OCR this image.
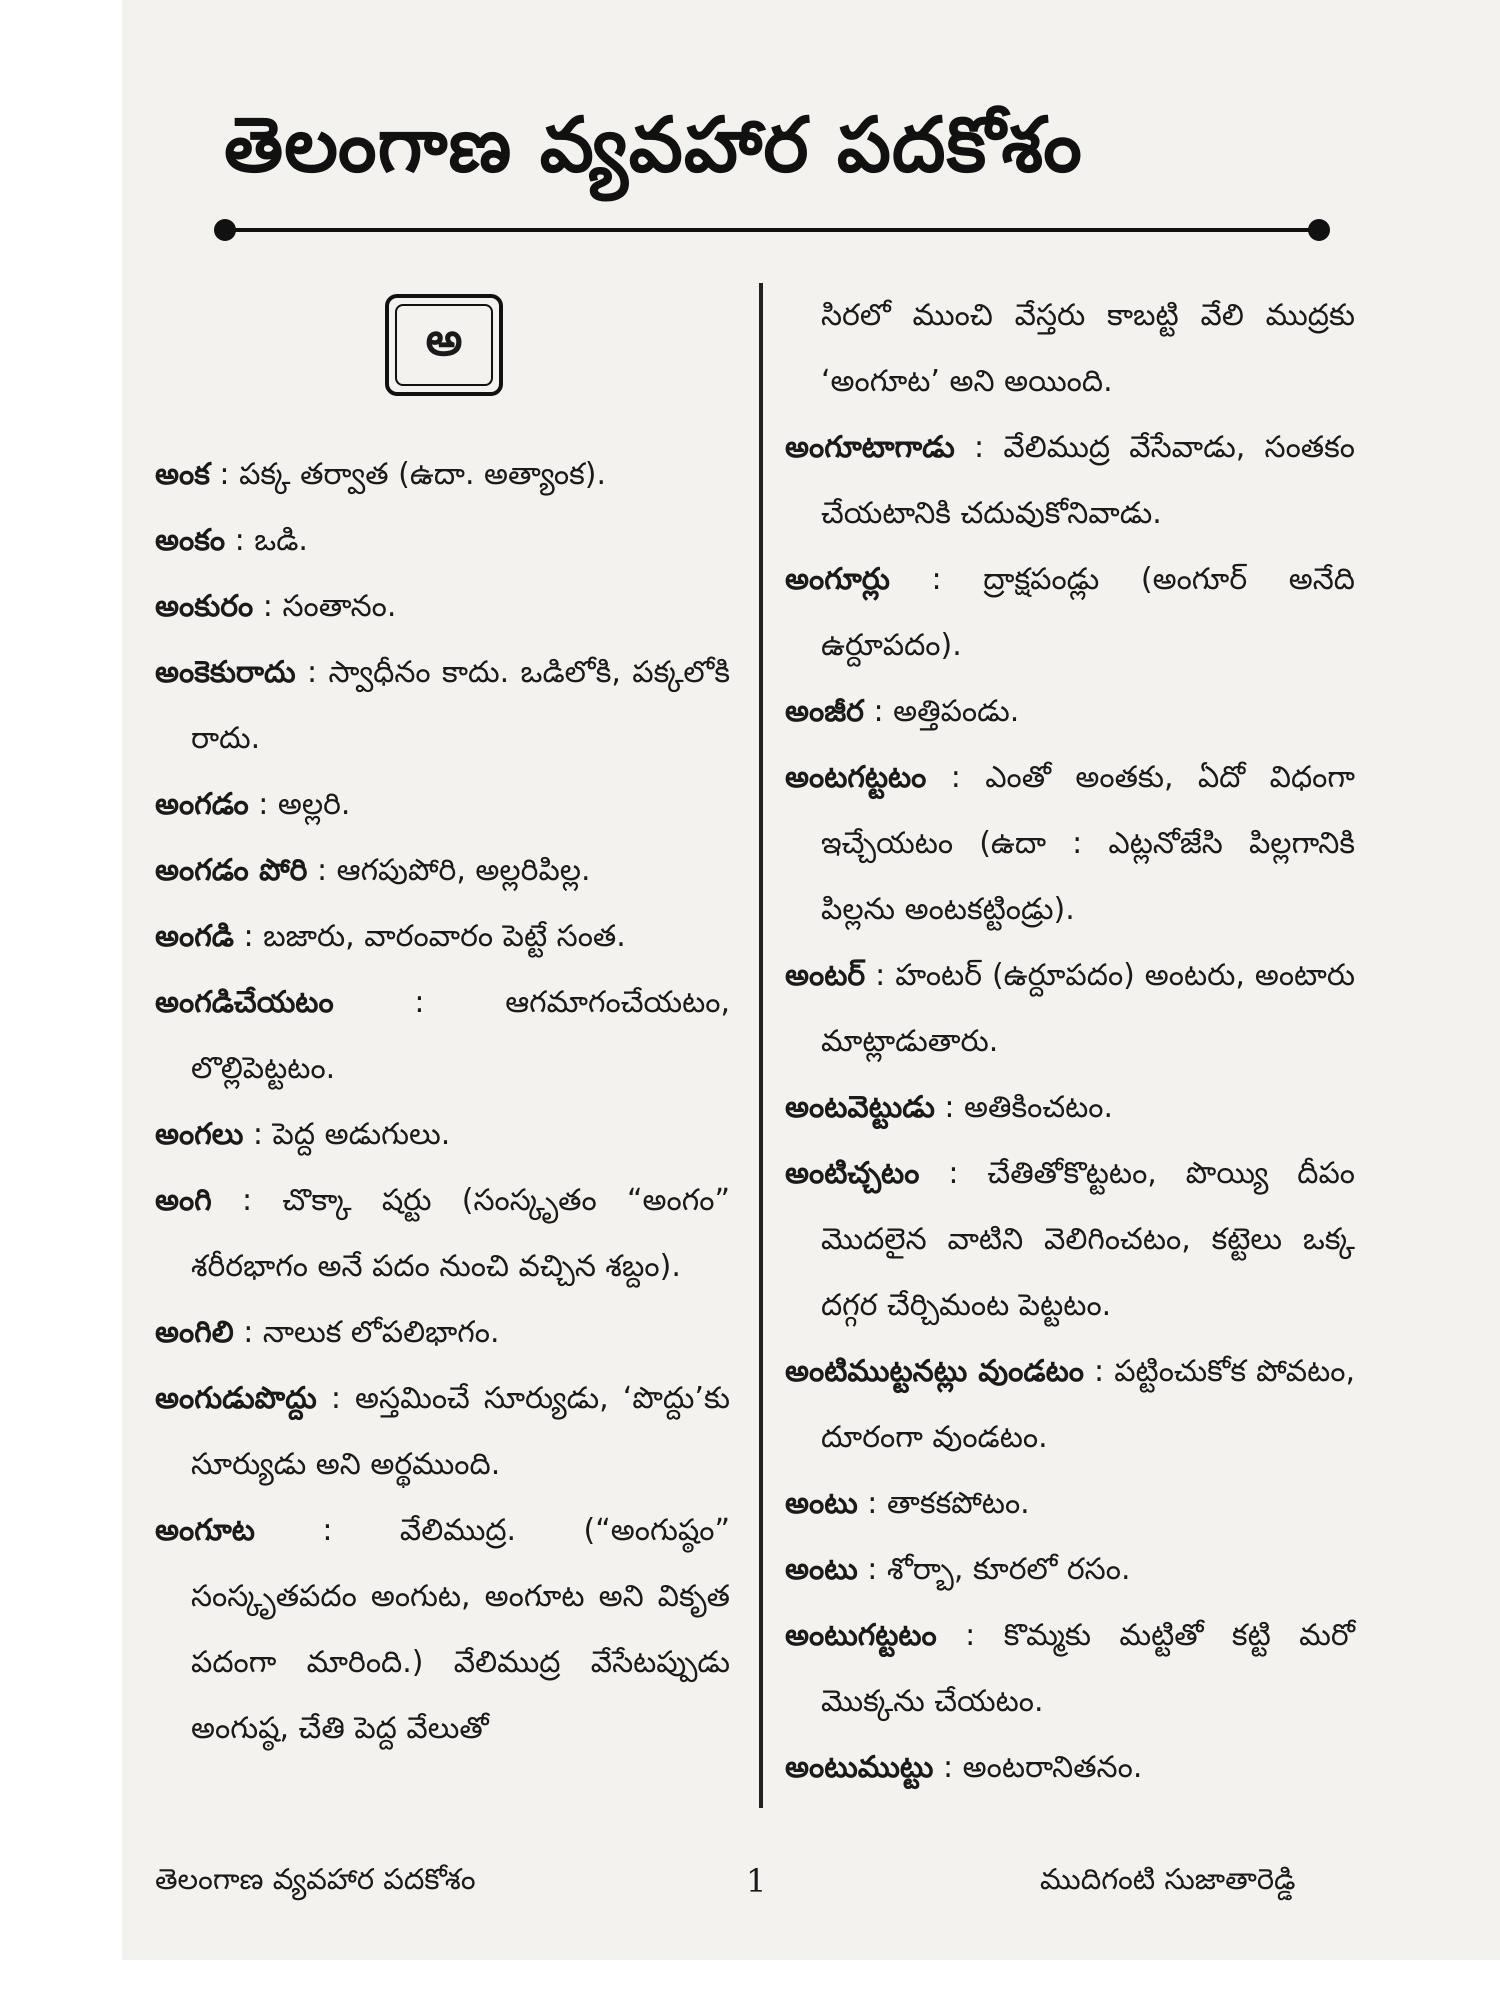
తెలంగాణ వ్యవహార పదకోశం
అ

అంక : పక్క తర్వాత (ఉదా. అత్యాంక).

అంకం : ఒడి.

అంకురం : సంతానం.

అంకెకురాదు : స్వాధీనం కాదు. ఒడిలోకి, పక్కలోకి రాదు.

అంగడం : అల్లరి.

అంగడం పోరి : ఆగపుపోరి, అల్లరిపిల్ల.

అంగడి : బజారు, వారంవారం పెట్టే సంత.

అంగడిచేయటం : ఆగమాగంచేయటం, లొల్లిపెట్టటం.

అంగలు : పెద్ద అడుగులు.

అంగి : చొక్కా షర్టు (సంస్కృతం “అంగం” శరీరభాగం అనే పదం నుంచి వచ్చిన శబ్దం).

అంగిలి : నాలుక లోపలిభాగం.

అంగుడుపొద్దు : అస్తమించే సూర్యుడు, ‘పొద్దు’కు సూర్యుడు అని అర్థముంది.

అంగూట : వేలిముద్ర. (“అంగుష్ఠం” సంస్కృతపదం అంగుట, అంగూట అని వికృత పదంగా మారింది.) వేలిముద్ర వేసేటప్పుడు అంగుష్ఠ, చేతి పెద్ద వేలుతో

సిరలో ముంచి వేస్తరు కాబట్టి వేలి ముద్రకు ‘అంగూట’ అని అయింది.

అంగూటాగాడు : వేలిముద్ర వేసేవాడు, సంతకం చేయటానికి చదువుకోనివాడు.

అంగూర్లు : ద్రాక్షపండ్లు (అంగూర్ అనేది ఉర్దూపదం).

అంజీర : అత్తిపండు.

అంటగట్టటం : ఎంతో అంతకు, ఏదో విధంగా ఇచ్చేయటం (ఉదా : ఎట్లనోజేసి పిల్లగానికి పిల్లను అంటకట్టిండ్రు).

అంటర్ : హంటర్ (ఉర్దూపదం) అంటరు, అంటారు మాట్లాడుతారు.

అంటవెట్టుడు : అతికించటం.

అంటిచ్చటం : చేతితోకొట్టటం, పొయ్యి దీపం మొదలైన వాటిని వెలిగించటం, కట్టెలు ఒక్క దగ్గర చేర్చిమంట పెట్టటం.

అంటిముట్టనట్లు వుండటం : పట్టించుకోక పోవటం, దూరంగా వుండటం.

అంటు : తాకకపోటం.

అంటు : శోర్బా, కూరలో రసం.

అంటుగట్టటం : కొమ్మకు మట్టితో కట్టి మరో మొక్కను చేయటం.

అంటుముట్టు : అంటరానితనం.

తెలంగాణ వ్యవహార పదకోశం	1	ముదిగంటి సుజాతారెడ్డి
